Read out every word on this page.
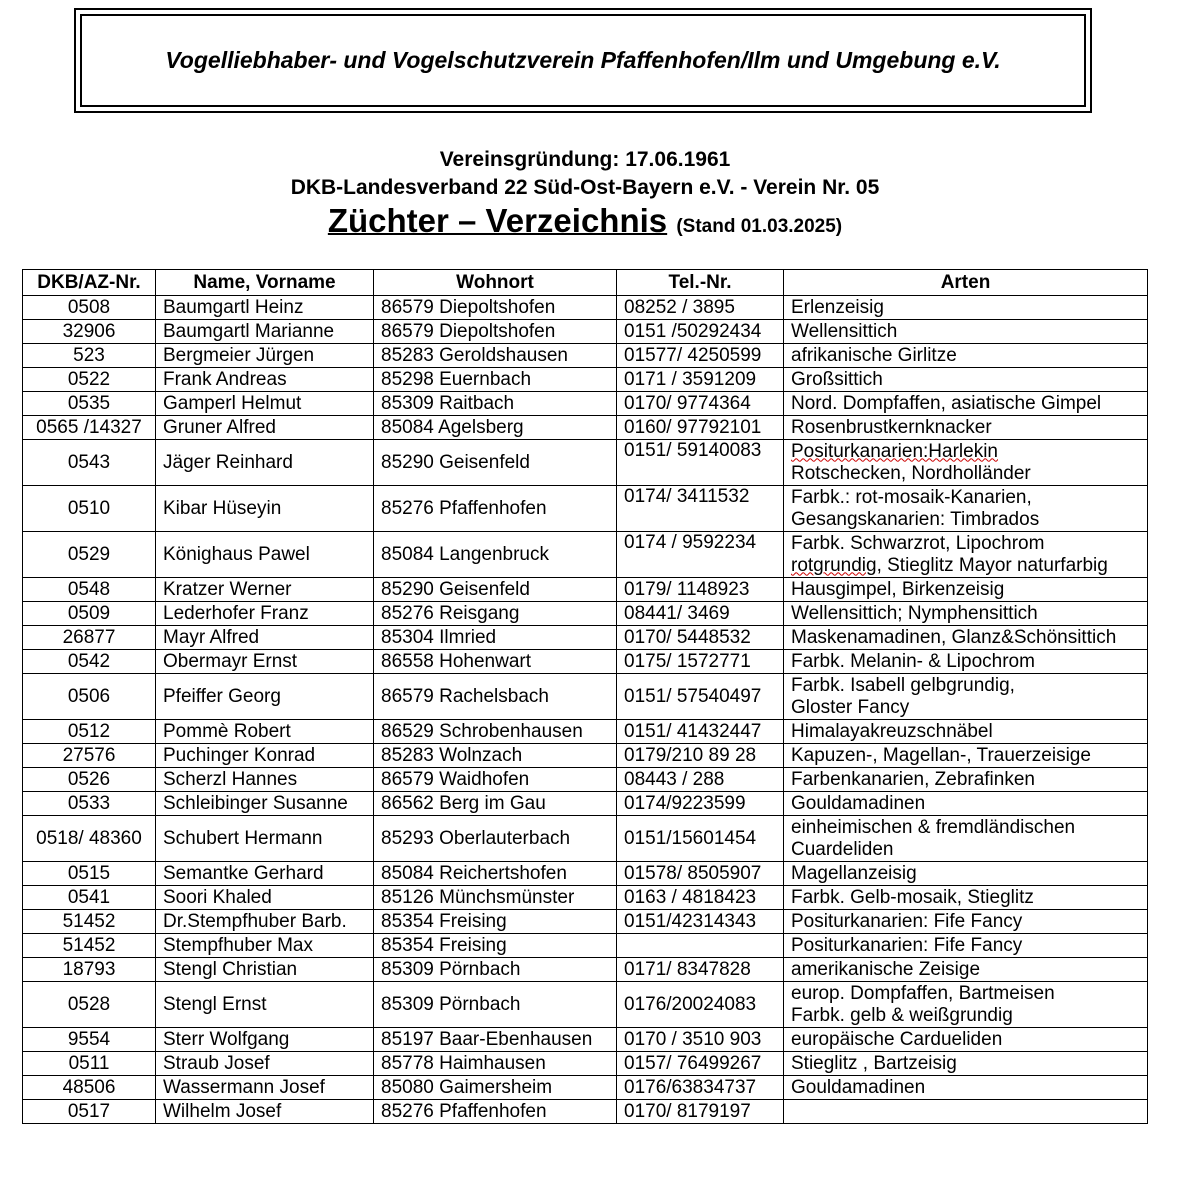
Vogelliebhaber- und Vogelschutzverein Pfaffenhofen/Ilm und Umgebung e.V.
Vereinsgründung: 17.06.1961
DKB-Landesverband 22 Süd-Ost-Bayern e.V. - Verein Nr. 05
Züchter – Verzeichnis (Stand 01.03.2025)
DKB/AZ-Nr.	Name, Vorname	Wohnort	Tel.-Nr.	Arten
0508	Baumgartl Heinz	86579 Diepoltshofen	08252 / 3895	Erlenzeisig

32906	Baumgartl Marianne	86579 Diepoltshofen	0151 /50292434	Wellensittich

523	Bergmeier Jürgen	85283 Geroldshausen	01577/ 4250599	afrikanische Girlitze

0522	Frank Andreas	85298 Euernbach	0171 / 3591209	Großsittich

0535	Gamperl Helmut	85309 Raitbach	0170/ 9774364	Nord. Dompfaffen, asiatische Gimpel

0565 /14327	Gruner Alfred	85084 Agelsberg	0160/ 97792101	Rosenbrustkernknacker

0543	Jäger Reinhard	85290 Geisenfeld	0151/ 59140083	Positurkanarien:Harlekin
Rotschecken, Nordholländer

0510	Kibar Hüseyin	85276 Pfaffenhofen	0174/ 3411532	Farbk.: rot-mosaik-Kanarien,
Gesangskanarien: Timbrados

0529	Könighaus Pawel	85084 Langenbruck	0174 / 9592234	Farbk. Schwarzrot, Lipochrom
rotgrundig, Stieglitz Mayor naturfarbig

0548	Kratzer Werner	85290 Geisenfeld	0179/ 1148923	Hausgimpel, Birkenzeisig

0509	Lederhofer Franz	85276 Reisgang	08441/ 3469	Wellensittich; Nymphensittich

26877	Mayr Alfred	85304 Ilmried	0170/ 5448532	Maskenamadinen, Glanz&Schönsittich

0542	Obermayr Ernst	86558 Hohenwart	0175/ 1572771	Farbk. Melanin- & Lipochrom

0506	Pfeiffer Georg	86579 Rachelsbach	0151/ 57540497	Farbk. Isabell gelbgrundig,
Gloster Fancy

0512	Pommè Robert	86529 Schrobenhausen	0151/ 41432447	Himalayakreuzschnäbel

27576	Puchinger Konrad	85283 Wolnzach	0179/210 89 28	Kapuzen-, Magellan-, Trauerzeisige

0526	Scherzl Hannes	86579 Waidhofen	08443 / 288	Farbenkanarien, Zebrafinken

0533	Schleibinger Susanne	86562 Berg im Gau	0174/9223599	Gouldamadinen

0518/ 48360	Schubert Hermann	85293 Oberlauterbach	0151/15601454	einheimischen & fremdländischen
Cuardeliden

0515	Semantke Gerhard	85084 Reichertshofen	01578/ 8505907	Magellanzeisig

0541	Soori Khaled	85126 Münchsmünster	0163 / 4818423	Farbk. Gelb-mosaik, Stieglitz

51452	Dr.Stempfhuber Barb.	85354 Freising	0151/42314343	Positurkanarien: Fife Fancy

51452	Stempfhuber Max	85354 Freising		Positurkanarien: Fife Fancy

18793	Stengl Christian	85309 Pörnbach	0171/ 8347828	amerikanische Zeisige

0528	Stengl Ernst	85309 Pörnbach	0176/20024083	europ. Dompfaffen, Bartmeisen
Farbk. gelb & weißgrundig

9554	Sterr Wolfgang	85197 Baar-Ebenhausen	0170 / 3510 903	europäische Cardueliden

0511	Straub Josef	85778 Haimhausen	0157/ 76499267	Stieglitz , Bartzeisig

48506	Wassermann Josef	85080 Gaimersheim	0176/63834737	Gouldamadinen

0517	Wilhelm Josef	85276 Pfaffenhofen	0170/ 8179197	
